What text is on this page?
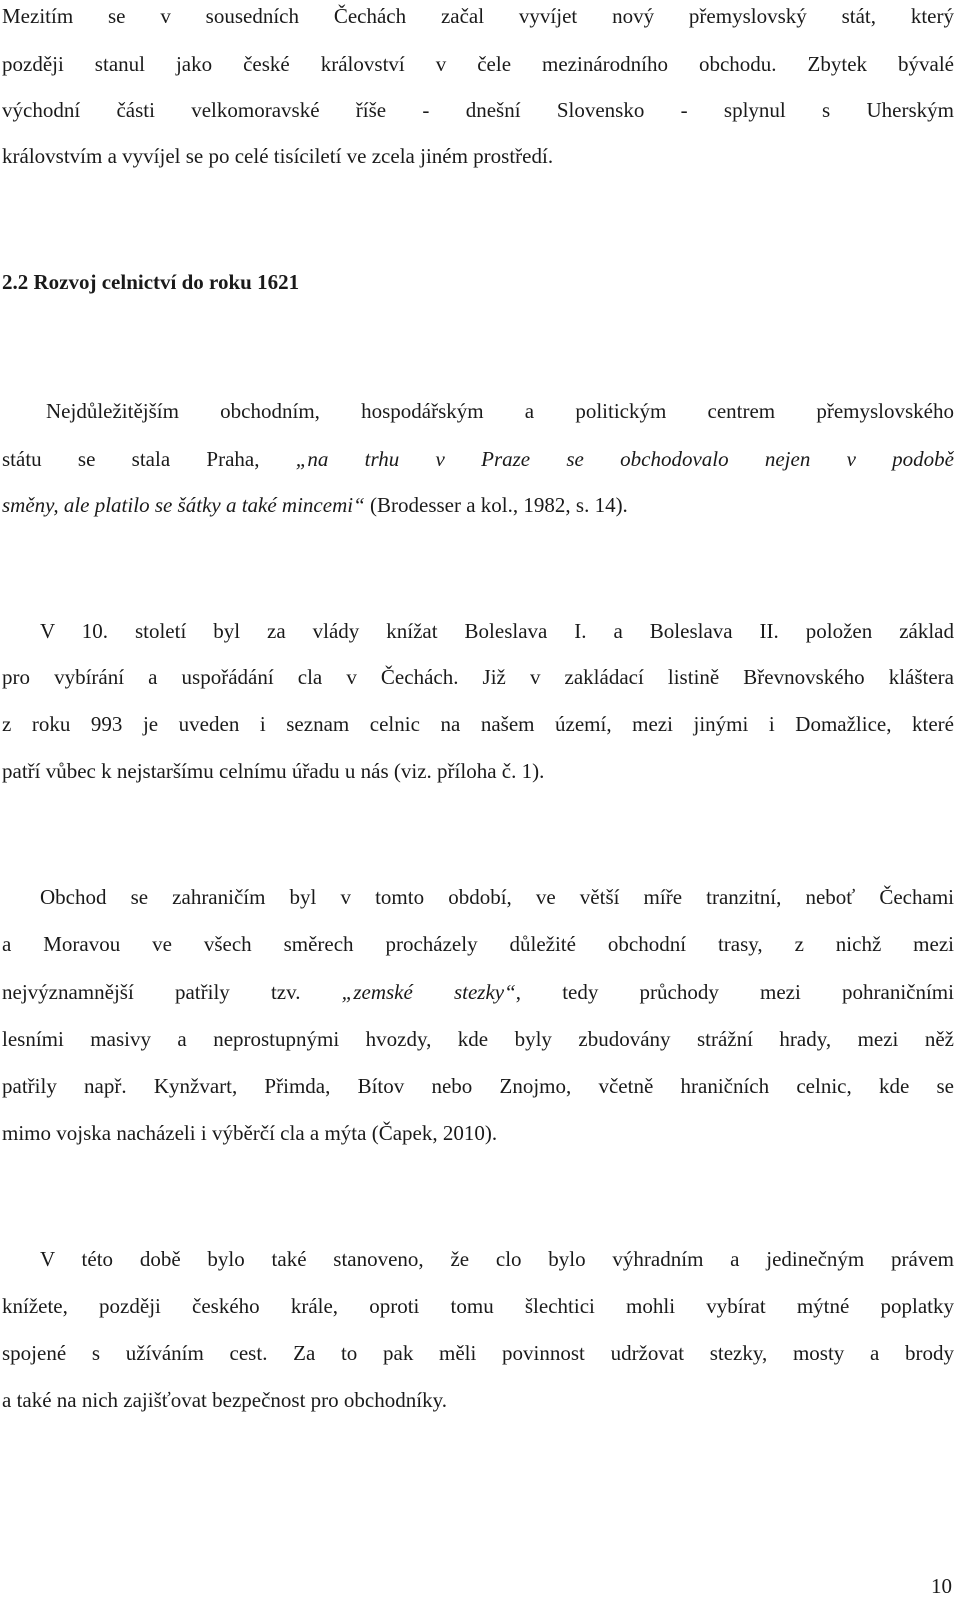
Mezitím se v sousedních Čechách začal vyvíjet nový přemyslovský stát, který
později stanul jako české království v čele mezinárodního obchodu. Zbytek bývalé
východní části velkomoravské říše - dnešní Slovensko - splynul s Uherským
královstvím a vyvíjel se po celé tisíciletí ve zcela jiném prostředí.
2.2 Rozvoj celnictví do roku 1621
Nejdůležitějším obchodním, hospodářským a politickým centrem přemyslovského
státu se stala Praha, „na trhu v Praze se obchodovalo nejen v podobě
směny, ale platilo se šátky a také mincemi“ (Brodesser a kol., 1982, s. 14).
V 10. století byl za vlády knížat Boleslava I. a Boleslava II. položen základ
pro vybírání a uspořádání cla v Čechách. Již v zakládací listině Břevnovského kláštera
z roku 993 je uveden i seznam celnic na našem území, mezi jinými i Domažlice, které
patří vůbec k nejstaršímu celnímu úřadu u nás (viz. příloha č. 1).
Obchod se zahraničím byl v tomto období, ve větší míře tranzitní, neboť Čechami
a Moravou ve všech směrech procházely důležité obchodní trasy, z nichž mezi
nejvýznamnější patřily tzv. „zemské stezky“, tedy průchody mezi pohraničními
lesními masivy a neprostupnými hvozdy, kde byly zbudovány strážní hrady, mezi něž
patřily např. Kynžvart, Přimda, Bítov nebo Znojmo, včetně hraničních celnic, kde se
mimo vojska nacházeli i výběrčí cla a mýta (Čapek, 2010).
V této době bylo také stanoveno, že clo bylo výhradním a jedinečným právem
knížete, později českého krále, oproti tomu šlechtici mohli vybírat mýtné poplatky
spojené s užíváním cest. Za to pak měli povinnost udržovat stezky, mosty a brody
a také na nich zajišťovat bezpečnost pro obchodníky.
10
